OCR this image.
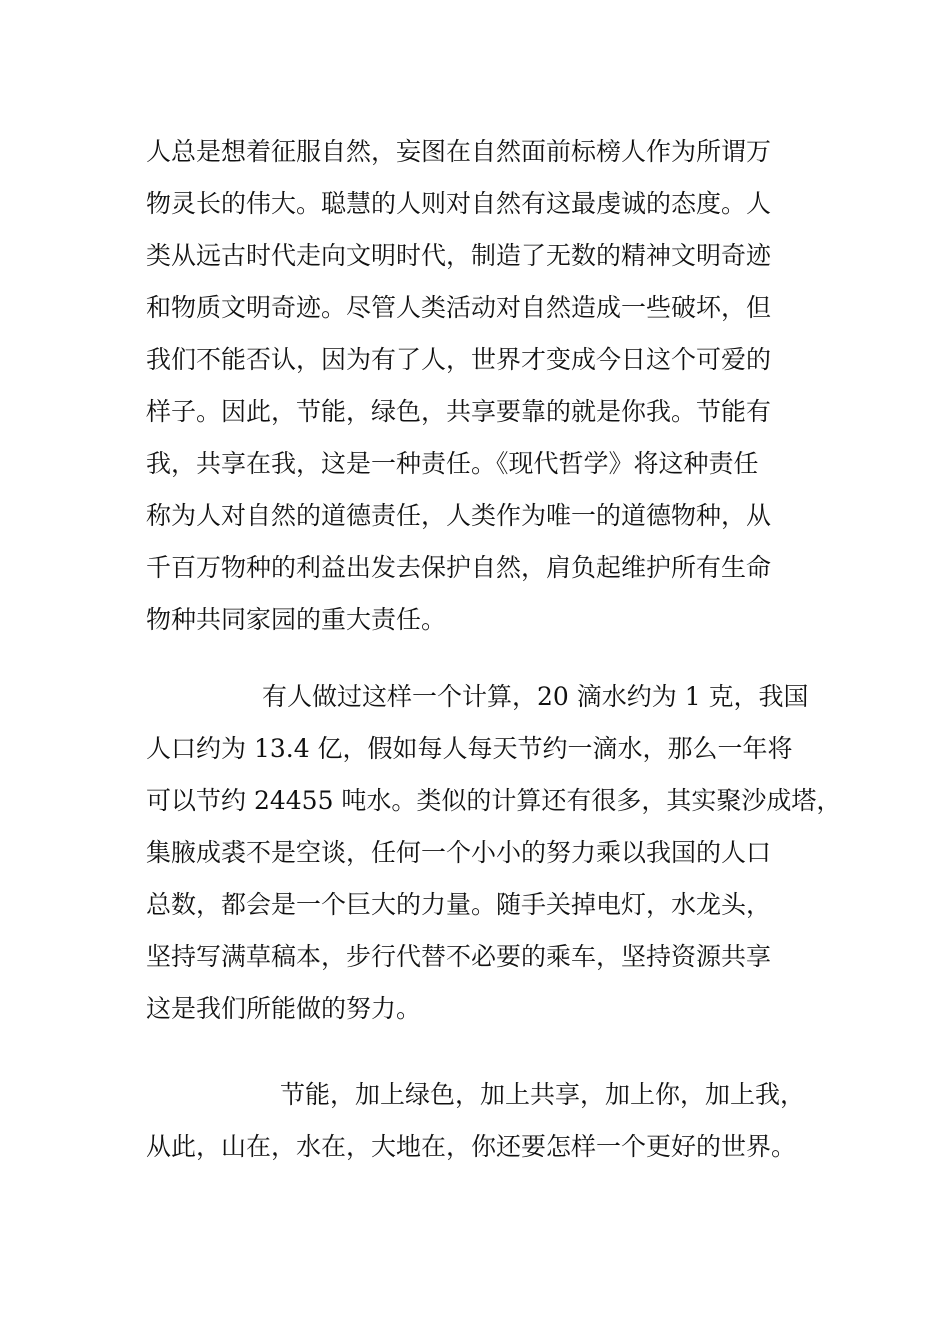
人总是想着征服自然，妄图在自然面前标榜人作为所谓万
物灵长的伟大。聪慧的人则对自然有这最虔诚的态度。人
类从远古时代走向文明时代，制造了无数的精神文明奇迹
和物质文明奇迹。尽管人类活动对自然造成一些破坏，但
我们不能否认，因为有了人，世界才变成今日这个可爱的
样子。因此，节能，绿色，共享要靠的就是你我。节能有
我，共享在我，这是一种责任。《现代哲学》将这种责任
称为人对自然的道德责任，人类作为唯一的道德物种，从
千百万物种的利益出发去保护自然，肩负起维护所有生命
物种共同家园的重大责任。
有人做过这样一个计算，20 滴水约为 1 克，我国
人口约为 13.4 亿，假如每人每天节约一滴水，那么一年将
可以节约 24455 吨水。类似的计算还有很多，其实聚沙成塔，
集腋成裘不是空谈，任何一个小小的努力乘以我国的人口
总数，都会是一个巨大的力量。随手关掉电灯，水龙头，
坚持写满草稿本，步行代替不必要的乘车，坚持资源共享
这是我们所能做的努力。
节能，加上绿色，加上共享，加上你，加上我，
从此，山在，水在，大地在，你还要怎样一个更好的世界。
